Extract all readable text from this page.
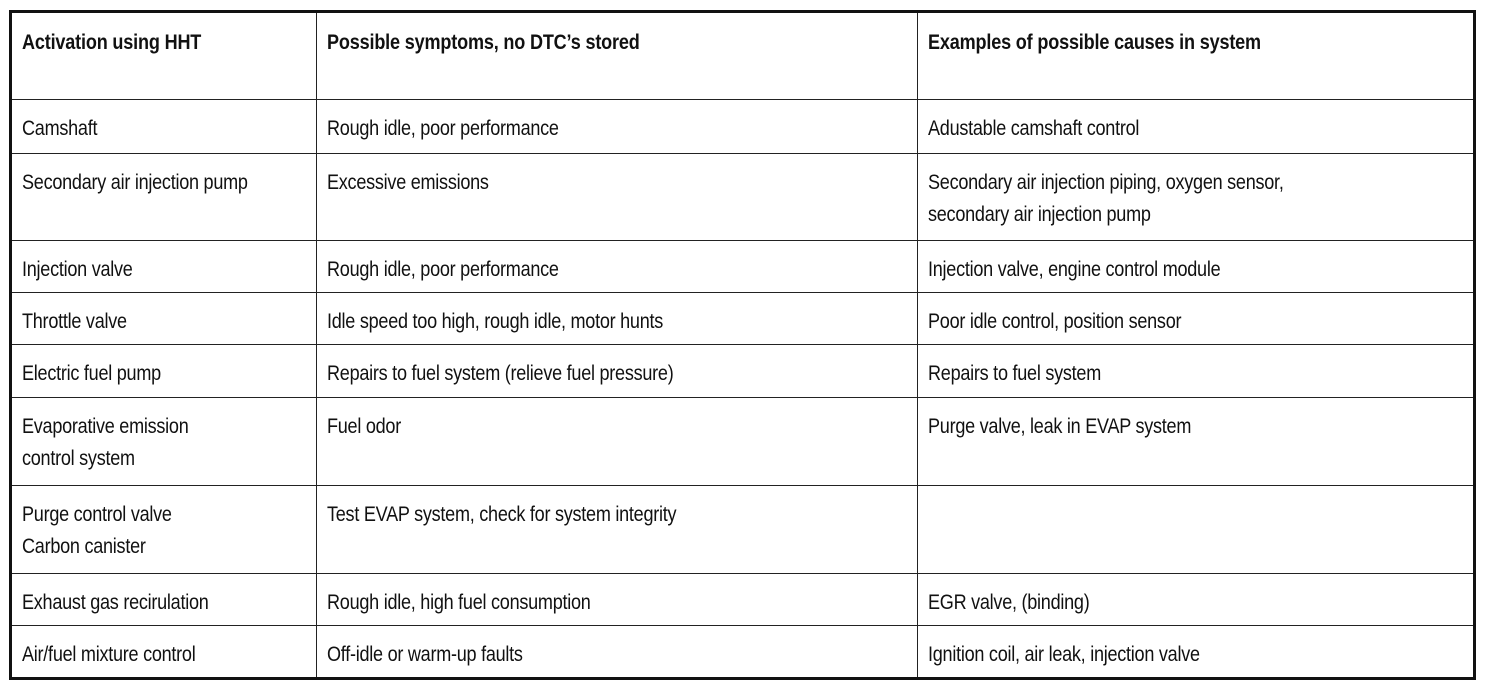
Activation using HHT	Possible symptoms, no DTC’s stored	Examples of possible causes in system
Camshaft	Rough idle, poor performance	Adustable camshaft control
Secondary air injection pump	Excessive emissions	Secondary air injection piping, oxygen sensor,
secondary air injection pump
Injection valve	Rough idle, poor performance	Injection valve, engine control module
Throttle valve	Idle speed too high, rough idle, motor hunts	Poor idle control, position sensor
Electric fuel pump	Repairs to fuel system (relieve fuel pressure)	Repairs to fuel system
Evaporative emission
control system	Fuel odor	Purge valve, leak in EVAP system
Purge control valve
Carbon canister	Test EVAP system, check for system integrity	
Exhaust gas recirulation	Rough idle, high fuel consumption	EGR valve, (binding)
Air/fuel mixture control	Off-idle or warm-up faults	Ignition coil, air leak, injection valve
